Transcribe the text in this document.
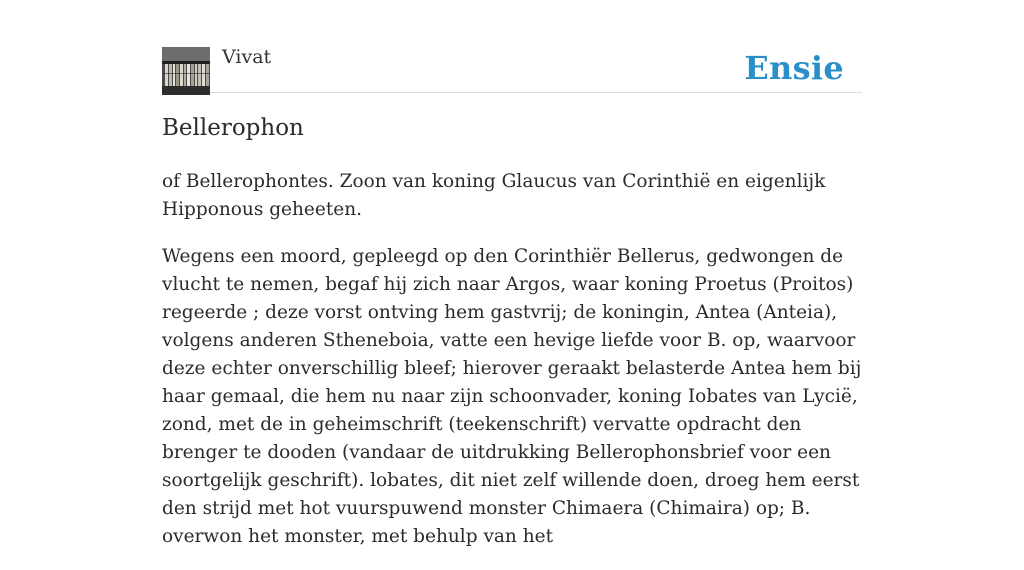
Vivat	Ensie
Bellerophon

of Bellerophontes. Zoon van koning Glaucus van Corinthië en eigenlijk Hipponous geheeten.

Wegens een moord, gepleegd op den Corinthiër Bellerus, gedwongen de vlucht te nemen, begaf hij zich naar Argos, waar koning Proetus (Proitos) regeerde ; deze vorst ontving hem gastvrij; de koningin, Antea (Anteia), volgens anderen Stheneboia, vatte een hevige liefde voor B. op, waarvoor deze echter onverschillig bleef; hierover geraakt belasterde Antea hem bij haar gemaal, die hem nu naar zijn schoonvader, koning Iobates van Lycië, zond, met de in geheimschrift (teekenschrift) vervatte opdracht den brenger te dooden (vandaar de uitdrukking Bellerophonsbrief voor een soortgelijk geschrift). lobates, dit niet zelf willende doen, droeg hem eerst den strijd met hot vuurspuwend monster Chimaera (Chimaira) op; B. overwon het monster, met behulp van het
